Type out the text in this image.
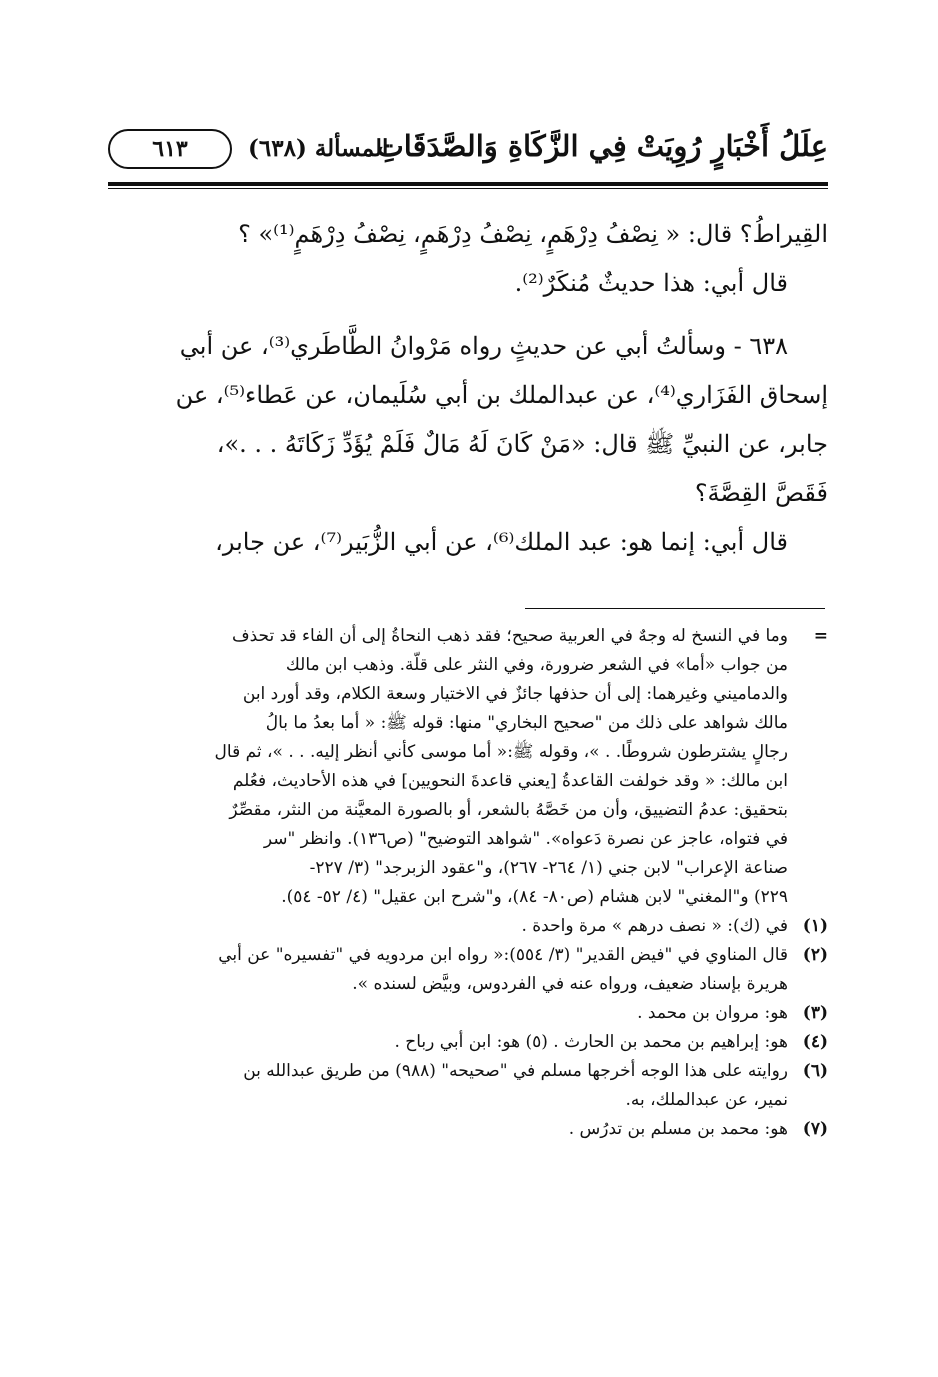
عِلَلُ أَخْبَارٍ رُوِيَتْ فِي الزَّكَاةِ وَالصَّدَقَاتِ
المسألة (٦٣٨)
٦١٣
القِيراطُ؟ قال: « نِصْفُ دِرْهَمٍ، نِصْفُ دِرْهَمٍ، نِصْفُ دِرْهَمٍ⁽¹⁾» ؟
قال أبي: هذا حديثٌ مُنكَرٌ⁽²⁾.
٦٣٨ - وسألتُ أبي عن حديثٍ رواه مَرْوانُ الطَّاطَري⁽³⁾، عن أبي
إسحاق الفَزَاري⁽⁴⁾، عن عبدالملك بن أبي سُلَيمان، عن عَطاء⁽⁵⁾، عن
جابر، عن النبيِّ ﷺ قال: «مَنْ كَانَ لَهُ مَالٌ فَلَمْ يُؤَدِّ زَكَاتَهُ . . .»،
فَقَصَّ القِصَّةَ؟
قال أبي: إنما هو: عبد الملك⁽⁶⁾، عن أبي الزُّبَير⁽⁷⁾، عن جابر،
=
وما في النسخ له وجهٌ في العربية صحيح؛ فقد ذهب النحاةُ إلى أن الفاء قد تحذف
من جواب «أما» في الشعر ضرورة، وفي النثر على قلّة. وذهب ابن مالك
والدماميني وغيرهما: إلى أن حذفها جائزٌ في الاختيار وسعة الكلام، وقد أورد ابن
مالك شواهد على ذلك من "صحيح البخاري" منها: قوله ﷺ: « أما بعدُ ما بالُ
رجالٍ يشترطون شروطًا. . »، وقوله ﷺ:« أما موسى كأني أنظر إليه. . . »، ثم قال
ابن مالك: « وقد خولفت القاعدةُ [يعني قاعدةَ النحويين] في هذه الأحاديث، فعُلم
بتحقيق: عدمُ التضييق، وأن من خَصَّهُ بالشعر، أو بالصورة المعيَّنة من النثر، مقصِّرٌ
في فتواه، عاجز عن نصرة دَعواه». "شواهد التوضيح" (ص١٣٦). وانظر "سر
صناعة الإعراب" لابن جني (١/ ٢٦٤- ٢٦٧)، و"عقود الزبرجد" (٣/ ٢٢٧-
٢٢٩) و"المغني" لابن هشام (ص٨٠- ٨٤)، و"شرح ابن عقيل" (٤/ ٥٢- ٥٤).
(١)
في (ك): « نصف درهم » مرة واحدة .
(٢)
قال المناوي في "فيض القدير" (٣/ ٥٥٤):« رواه ابن مردويه في "تفسيره" عن أبي
هريرة بإسناد ضعيف، ورواه عنه في الفردوس، وبيَّض لسنده ».
(٣)
هو: مروان بن محمد .
(٤)
هو: إبراهيم بن محمد بن الحارث . (٥) هو: ابن أبي رباح .
(٦)
روايته على هذا الوجه أخرجها مسلم في "صحيحه" (٩٨٨) من طريق عبدالله بن
نمير، عن عبدالملك، به.
(٧)
هو: محمد بن مسلم بن تدرُس .
